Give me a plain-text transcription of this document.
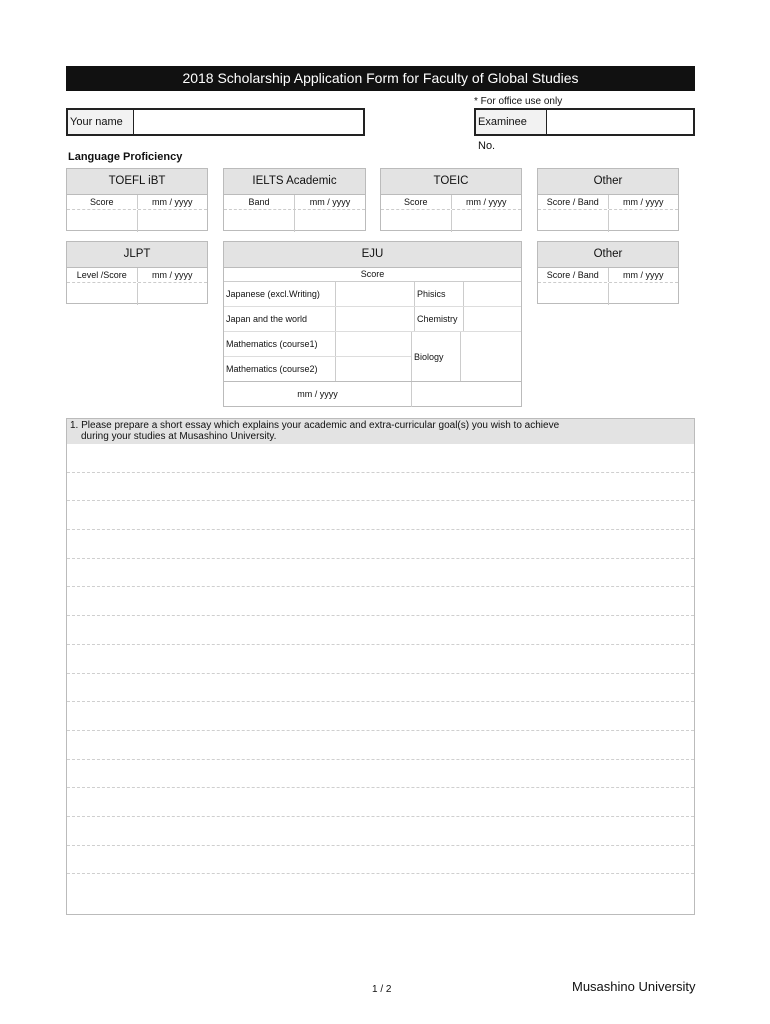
2018 Scholarship Application Form for Faculty of Global Studies
* For office use only
Your name	Examinee No.
Language Proficiency
TOEFL iBT
Score	mm / yyyy
IELTS Academic
Band	mm / yyyy
TOEIC
Score	mm / yyyy
Other
Score / Band	mm / yyyy
JLPT
Level /Score	mm / yyyy
EJU
Score
Japanese (excl.Writing)	Phisics
Japan and the world	Chemistry
Mathematics (course1)
Mathematics (course2)
Biology
mm / yyyy
Other
Score / Band	mm / yyyy
1. Please prepare a short essay which explains your academic and extra-curricular goal(s) you wish to achieve
during your studies at Musashino University.
1 / 2	Musashino University
